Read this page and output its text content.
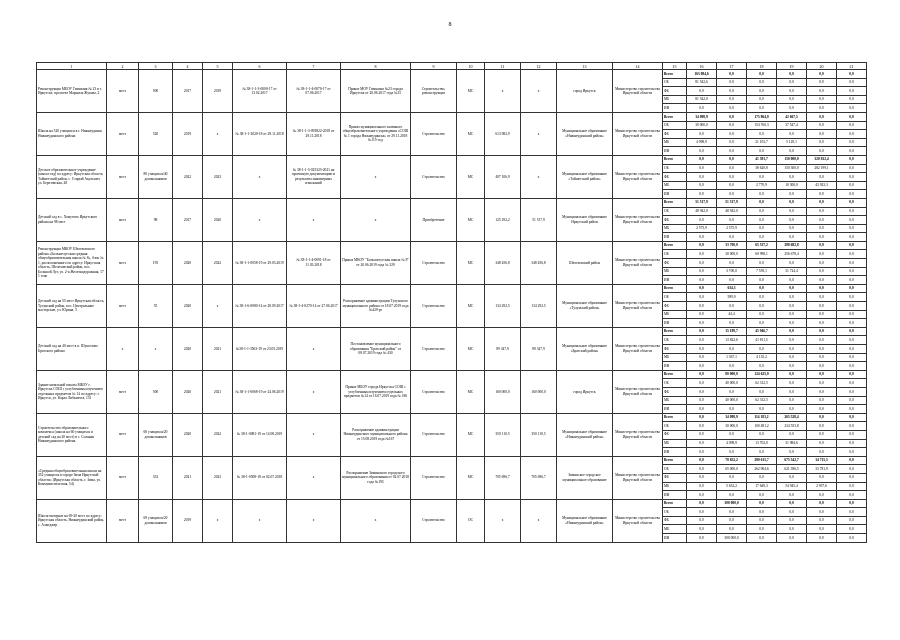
8
1	2	3	4	5	6	7	8	9	10	11	12	13	14	15	16	17	18	19	20	21
Реконструкция МБОУ Гимназия № 23 в г. Иркутске, проспект Маршала Жукова, 2	мест	500	2017	2019	№ 38-1-1-3-0000-17 от 13.02.2017	№ 38-1-1-4-0070-17 от 07.06.2017	Приказ МОУ Гимназия №23 города Иркутска от 20.06.2017 года №15	Строительство, реконструкция	МС	х	х	город Иркутск	Министерство строительства Иркутской области	Всего	163 084,6	0,0	0,0	0,0	0,0	0,0
														ОБ	81 542,6	0,0	0,0	0,0	0,0	0,0
														ФБ	0,0	0,0	0,0	0,0	0,0	0,0
														МБ	81 542,0	0,0	0,0	0,0	0,0	0,0
														ИИ	0,0	0,0	0,0	0,0	0,0	0,0
Школа на 520 учащихся в г. Нижнеудинск Нижнеудинского района	мест	520	2019	х	№ 38-1-1-3020-18 от 29.11.2018	№ 38-1-1-3-093822-2018 от 29.11.2018	Приказ муниципального казенного общеобразовательного учреждения «СОШ № 1 города Нижнеудинска» от 29.11.2018 №115-осд	Строительство	МС	613 082,9	х	Муниципальное образование «Нижнеудинский район»	Министерство строительства Иркутской области	Всего	34 098,9	0,0	175 864,0	42 667,5	0,0	0,0
														ОБ	30 000,0	0,0	154 760,3	37 547,4	0,0	0,0
														ФБ	0,0	0,0	0,0	0,0	0,0	0,0
														МБ	4 098,9	0,0	21 103,7	5 120,1	0,0	0,0
														ИИ	0,0	0,0	0,0	0,0	0,0	0,0
Детское образовательное учреждение (школа-сад) по адресу: Иркутская область, Тайшетский район, с. Старый Акульшет, ул. Березовская, 28	мест	80 учащихся/40 дошкольников	2022	2023	х	№ 38-1-1-3-025323-2021 на проектную документацию и результаты инженерных изысканий	х	Строительство	МС	407 106,9	х	Муниципальное образование «Тайшетский район»	Министерство строительства Иркутской области	Всего	0,0	0,0	41 391,7	150 000,0	320 922,4	0,0
														ОБ	0,0	0,0	38 620,8	150 300,0	282 199,1	0,0
														ФБ	0,0	0,0	0,0	0,0	0,0	0,0
														МБ	0,0	0,0	2 770,9	10 300,0	43 923,3	0,0
														ИИ	0,0	0,0	0,0	0,0	0,0	0,0
Детский сад в с. Хомутово Иркутского района на 98 мест	мест	98	2017	2020	х	х	х	Приобретение	МС	125 292,2	51 517,9	Муниципальное образование Иркутский район	Министерство строительства Иркутской области	Всего	51 517,9	51 517,9	0,0	0,0	0,0	0,0
														ОБ	48 942,0	48 942,0	0,0	0,0	0,0	0,0
														ФБ	0,0	0,0	0,0	0,0	0,0	0,0
														МБ	2 575,9	2 575,9	0,0	0,0	0,0	0,0
														ИИ	0,0	0,0	0,0	0,0	0,0	0,0
Реконструкция МКОУ Шелеховского района «Большелугская средняя общеобразовательная школа № 8», блок № 1, расположенного по адресу: Иркутская область, Шелеховский район, пос. Большой Луг, ул. 2-я Железнодорожная, 17 1 этап	мест	195	2020	2022	№ 38-1-1-0058-19 от 29.03.2019	№ 38-1-1-4-0091-18 от 11.03.2018	Приказ МКОУ "Большелугская школа № 8" от 20.06.2019 года № 329	Строительство	МС	348 456,8	348 456,8	Шелеховский район	Министерство строительства Иркутской области	Всего	0,0	33 700,0	65 537,2	288 682,8	0,0	0,0
														ОБ	0,0	30 000,0	60 998,1	256 678,4	0,0	0,0
														ФБ	0,0	0,0	0,0	0,0	0,0	0,0
														МБ	0,0	3 700,0	7 539,1	31 724,4	0,0	0,0
														ИИ	0,0	0,0	0,0	0,0	0,0	0,0
Детский сад на 55 мест Иркутская область, Тулунский район, пос. Центральные мастерские, ул. Юрина, 3	мест	55	2020	х	№ 38-1-6-0080-14 от 28.09.2017	№ 38-1-4-0270-14 от 27.06.2017	Распоряжение администрации Тулунского муниципального района от 18.07.2019 года №429-рг	Строительство	МС	134 292,5	134 292,5	Муниципальное образование «Тулунский район»	Министерство строительства Иркутской области	Всего	0,0	634,3	0,0	0,0	0,0	0,0
														ОБ	0,0	589,9	0,0	0,0	0,0	0,0
														ФБ	0,0	0,0	0,0	0,0	0,0	0,0
														МБ	0,0	44,4	0,0	0,0	0,0	0,0
														ИИ	0,0	0,0	0,0	0,0	0,0	0,0
Детский сад на 40 мест в п. Шушелово Братского района	х	х	2020	2021	№38-1-1-3563-19 от 23.05.2019	х	Постановление муниципального образования "Братский район" от 08.07.2019 года № 430	Строительство	МС	89 347,9	89 347,9	Муниципальное образование «Братский район»	Министерство строительства Иркутской области	Всего	0,0	15 189,7	45 946,7	0,0	0,0	0,0
														ОБ	0,0	13 822,6	41 811,5	0,0	0,0	0,0
														ФБ	0,0	0,0	0,0	0,0	0,0	0,0
														МБ	0,0	1 367,1	4 135,2	0,0	0,0	0,0
														ИИ	0,0	0,0	0,0	0,0	0,0	0,0
Здание начальной школы МБОУ г. Иркутска СОШ с углубленным изучением отдельных предметов № 14 по адресу: г. Иркутск, ул. Карла Либкнехта, 131	мест	500	2020	2021	№ 38-1-1-0068-19 от 24.06.2019	х	Приказ МБОУ города Иркутска СОШ с углубленным изучением отдельных предметов №14 от 16.07.2019 года № 186	Строительство	МС	160 000,0	160 000,0	город Иркутск	Министерство строительства Иркутской области	Всего	0,0	80 000,0	124 625,0	0,0	0,0	0,0
														ОБ	0,0	40 000,0	62 312,5	0,0	0,0	0,0
														ФБ	0,0	0,0	0,0	0,0	0,0	0,0
														МБ	0,0	40 000,0	62 312,5	0,0	0,0	0,0
														ИИ	0,0	0,0	0,0	0,0	0,0	0,0
Строительство образовательного комплекса (школа на 60 учащихся и детский сад на 20 мест) в с. Соляная Нижнеудинского района	мест	60 учащихся/20 дошкольников	2020	2022	№ 38-1-0081-19 от 14.08.2019	х	Распоряжение администрации Нижнеудинского муниципального района от 15.08.2019 года №167	Строительство	МС	350 110,5	350 110,5	Муниципальное образование «Нижнеудинский район»	Министерство строительства Иркутской области	Всего	0,0	34 098,9	114 183,2	265 528,4	0,0	0,0
														ОБ	0,0	30 000,0	100 481,2	234 553,8	0,0	0,0
														ФБ	0,0	0,0	0,0	0,0	0,0	0,0
														МБ	0,0	4 098,9	13 702,0	31 984,6	0,0	0,0
														ИИ	0,0	0,0	0,0	0,0	0,0	0,0
«Средняя общеобразовательная школа на 352 учащихся в городе Зима Иркутской области» (Иркутская область, г. Зима, ул. Коммунистическая, 54)	мест	352	2021	2023	№ 38-1-0508-18 от 02.07.2018	х	Распоряжение Зиминского городского муниципального образования от 02.07.2018 года №193	Строительство	МС	705 696,7	705 696,7	Зиминское городское муниципальное образование	Министерство строительства Иркутской области	Всего	0,0	70 652,2	280 615,7	675 542,7	34 715,5	0,0
														ОБ	0,0	65 000,0	262 904,6	621 396,5	33 781,9	0,0
														ФБ	0,0	0,0	0,0	0,0	0,0	0,0
														МБ	0,0	5 652,2	17 649,3	54 945,4	2 957,6	0,0
														ИИ	0,0	0,0	0,0	0,0	0,0	0,0
Школа-интернат на 69-20 мест по адресу: Иркутская область, Нижнеудинский район, с. Алыгджер	мест	69 учащихся/20 дошкольников	2019	х	х	х	х	Строительство	ОС	х	х	Муниципальное образование «Нижнеудинский район»	Министерство строительства Иркутской области	Всего	0,0	300 000,0	0,0	0,0	0,0	0,0
														ОБ	0,0	0,0	0,0	0,0	0,0	0,0
														ФБ	0,0	0,0	0,0	0,0	0,0	0,0
														МБ	0,0	0,0	0,0	0,0	0,0	0,0
														ИИ	0,0	300 000,0	0,0	0,0	0,0	0,0
